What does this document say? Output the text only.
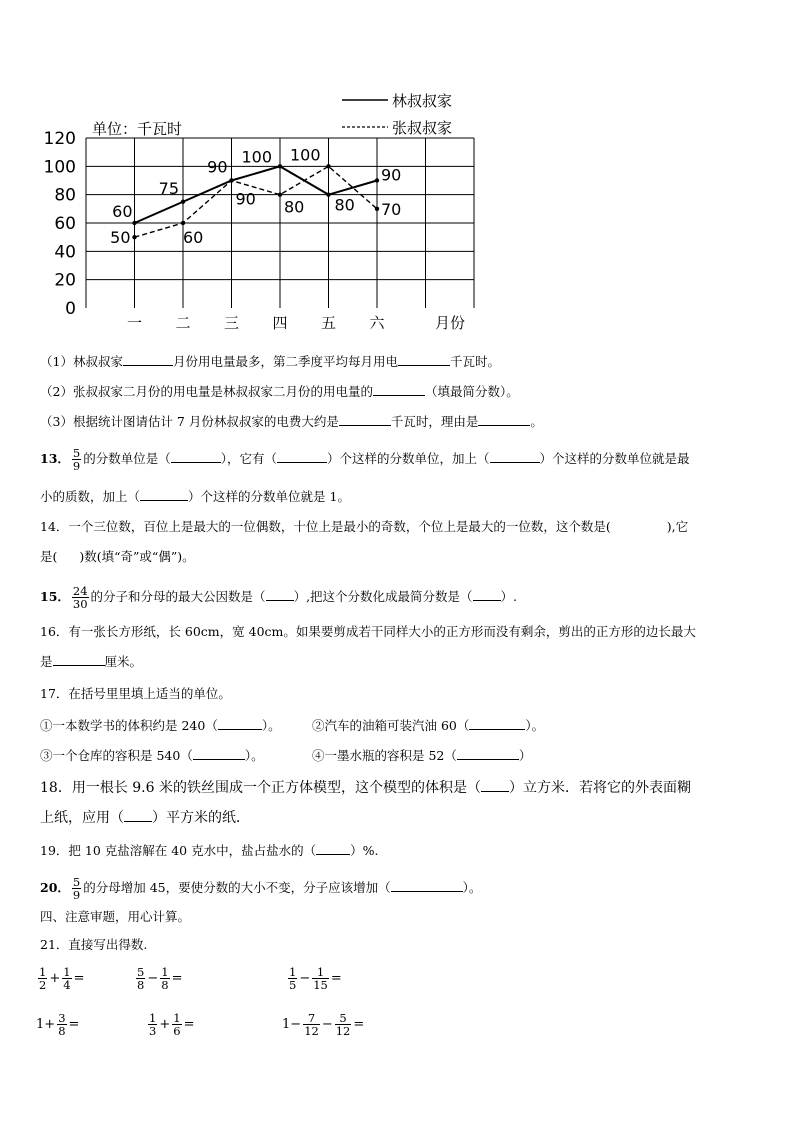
0
20
40
60
80
100
120
一 二 三 四 五 六
60
75
90
100
80
90
50	60
90 80
100
70
单位：千瓦时
月份
林叔叔家
张叔叔家
（1）林叔叔家	月份用电量最多，第二季度平均每月用电	千瓦时。
（2）张叔叔家二月份的用电量是林叔叔家二月份的用电量的	（填最简分数）。
（3）根据统计图请估计 7 月份林叔叔家的电费大约是	千瓦时，理由是	。
13． $\frac{5}{9}$ 的分数单位是（	），它有（	）个这样的分数单位，加上（	）个这样的分数单位就是最
小的质数，加上（	）个这样的分数单位就是 1。
14．一个三位数，百位上是最大的一位偶数，十位上是最小的奇数，个位上是最大的一位数，这个数是(	),它
是( )数(填“奇”或“偶”)。
15． $\frac{24}{30}$ 的分子和分母的最大公因数是（ ）,把这个分数化成最简分数是（ ）.
16．有一张长方形纸，长 60cm，宽 40cm。如果要剪成若干同样大小的正方形而没有剩余，剪出的正方形的边长最大
是	厘米。
17．在括号里里填上适当的单位。
①一本数学书的体积约是 240（	）。	②汽车的油箱可装汽油 60（	）。
③一个仓库的容积是 540（	）。	④一墨水瓶的容积是 52（	）
18．用一根长 9.6 米的铁丝围成一个正方体模型，这个模型的体积是（ ）立方米．若将它的外表面糊
上纸，应用（ ）平方米的纸．
19．把 10 克盐溶解在 40 克水中，盐占盐水的（	）%.
20． $\frac{5}{9}$ 的分母增加 45，要使分数的大小不变，分子应该增加（	）。
四、注意审题，用心计算。
21．直接写出得数.
$\frac{1}{2} + \frac{1}{4}$ =	$\frac{5}{8} - \frac{1}{8}$ =	$\frac{1}{5} - \frac{1}{15}$ =
$1+ \frac{3}{8}$ =	$\frac{1}{3} + \frac{1}{6}$ =	$1- \frac{7}{12} - \frac{5}{12}$ =
